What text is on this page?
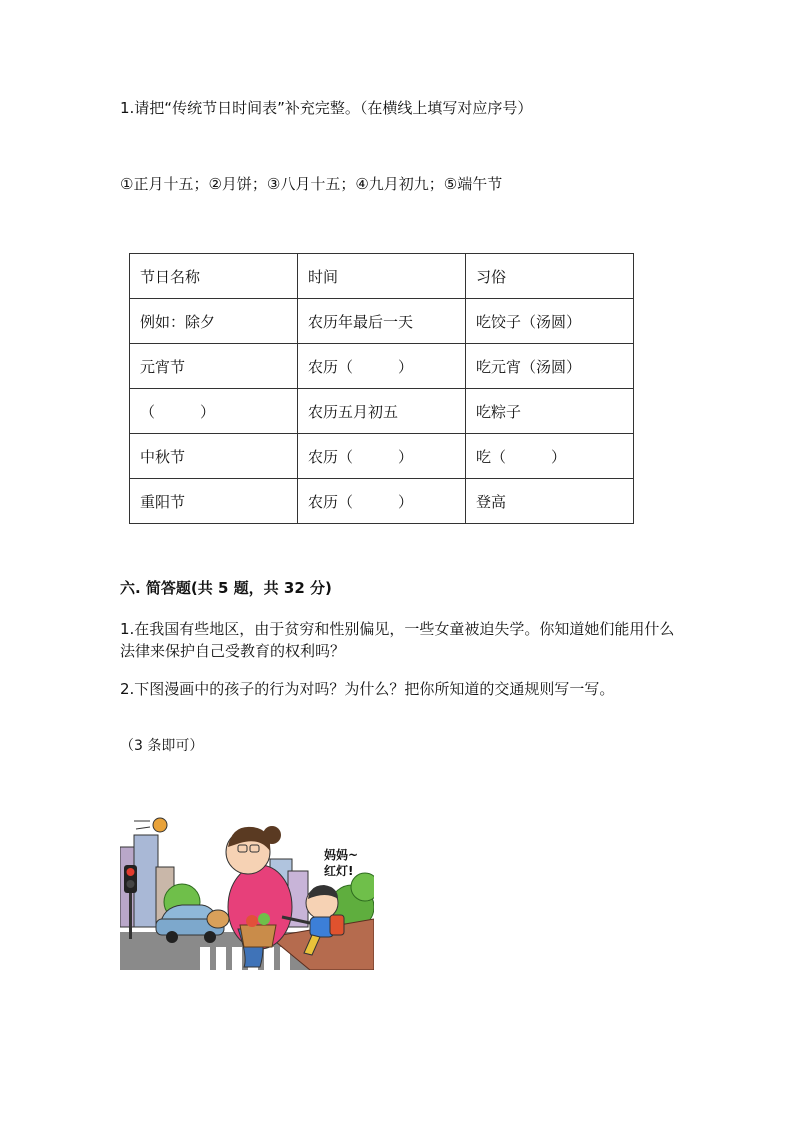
1.请把“传统节日时间表”补充完整。（在横线上填写对应序号）
①正月十五；②月饼；③八月十五；④九月初九；⑤端午节
节日名称	时间	习俗
例如：除夕	农历年最后一天	吃饺子（汤圆）
元宵节	农历（　　　）	吃元宵（汤圆）
（　　　）	农历五月初五	吃粽子
中秋节	农历（　　　）	吃（　　　）
重阳节	农历（　　　）	登高
六. 简答题(共 5 题，共 32 分)
1.在我国有些地区，由于贫穷和性别偏见，一些女童被迫失学。你知道她们能用什么法律来保护自己受教育的权利吗？
2.下图漫画中的孩子的行为对吗？为什么？把你所知道的交通规则写一写。
（3 条即可）
妈妈~
红灯!
